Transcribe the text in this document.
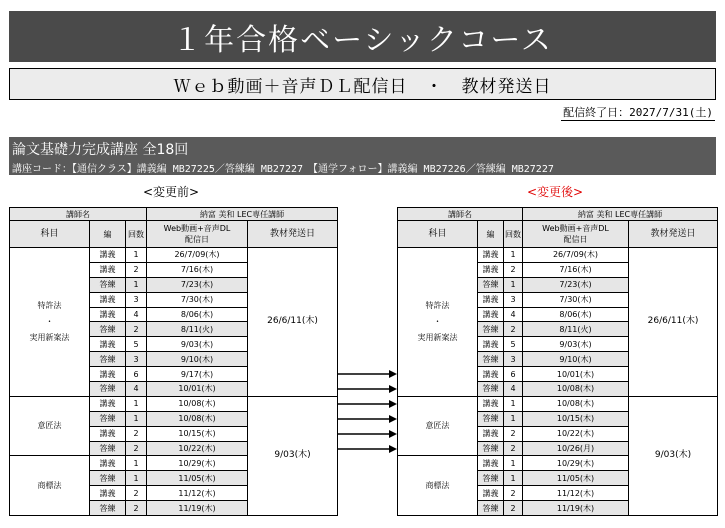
１年合格ベーシックコース
Ｗｅｂ動画＋音声ＤＬ配信日　・　教材発送日
配信終了日：2027/7/31(土)
論文基礎力完成講座 全18回
講座コード：【通信クラス】講義編 MB27225／答練編 MB27227　【通学フォロー】講義編 MB27226／答練編 MB27227
<変更前>	<変更後>
講師名			納富 美和 LEC専任講師	
科目	編	回数	Web動画+音声DL
配信日	教材発送日
特許法
・
実用新案法	講義	1	26/7/09(木)	26/6/11(木)
	講義	2	7/16(木)	
	答練	1	7/23(木)	
	講義	3	7/30(木)	
	講義	4	8/06(木)	
	答練	2	8/11(火)	
	講義	5	9/03(木)	
	答練	3	9/10(木)	
	講義	6	9/17(木)	
	答練	4	10/01(木)	
意匠法	講義	1	10/08(木)	9/03(木)
	答練	1	10/08(木)	
	講義	2	10/15(木)	
	答練	2	10/22(木)	
商標法	講義	1	10/29(木)	
	答練	1	11/05(木)	
	講義	2	11/12(木)	
	答練	2	11/19(木)	
講師名			納富 美和 LEC専任講師	
科目	編	回数	Web動画+音声DL
配信日	教材発送日
特許法
・
実用新案法	講義	1	26/7/09(木)	26/6/11(木)
	講義	2	7/16(木)	
	答練	1	7/23(木)	
	講義	3	7/30(木)	
	講義	4	8/06(木)	
	答練	2	8/11(火)	
	講義	5	9/03(木)	
	答練	3	9/10(木)	
	講義	6	10/01(木)	
	答練	4	10/08(木)	
意匠法	講義	1	10/08(木)	9/03(木)
	答練	1	10/15(木)	
	講義	2	10/22(木)	
	答練	2	10/26(月)	
商標法	講義	1	10/29(木)	
	答練	1	11/05(木)	
	講義	2	11/12(木)	
	答練	2	11/19(木)	
